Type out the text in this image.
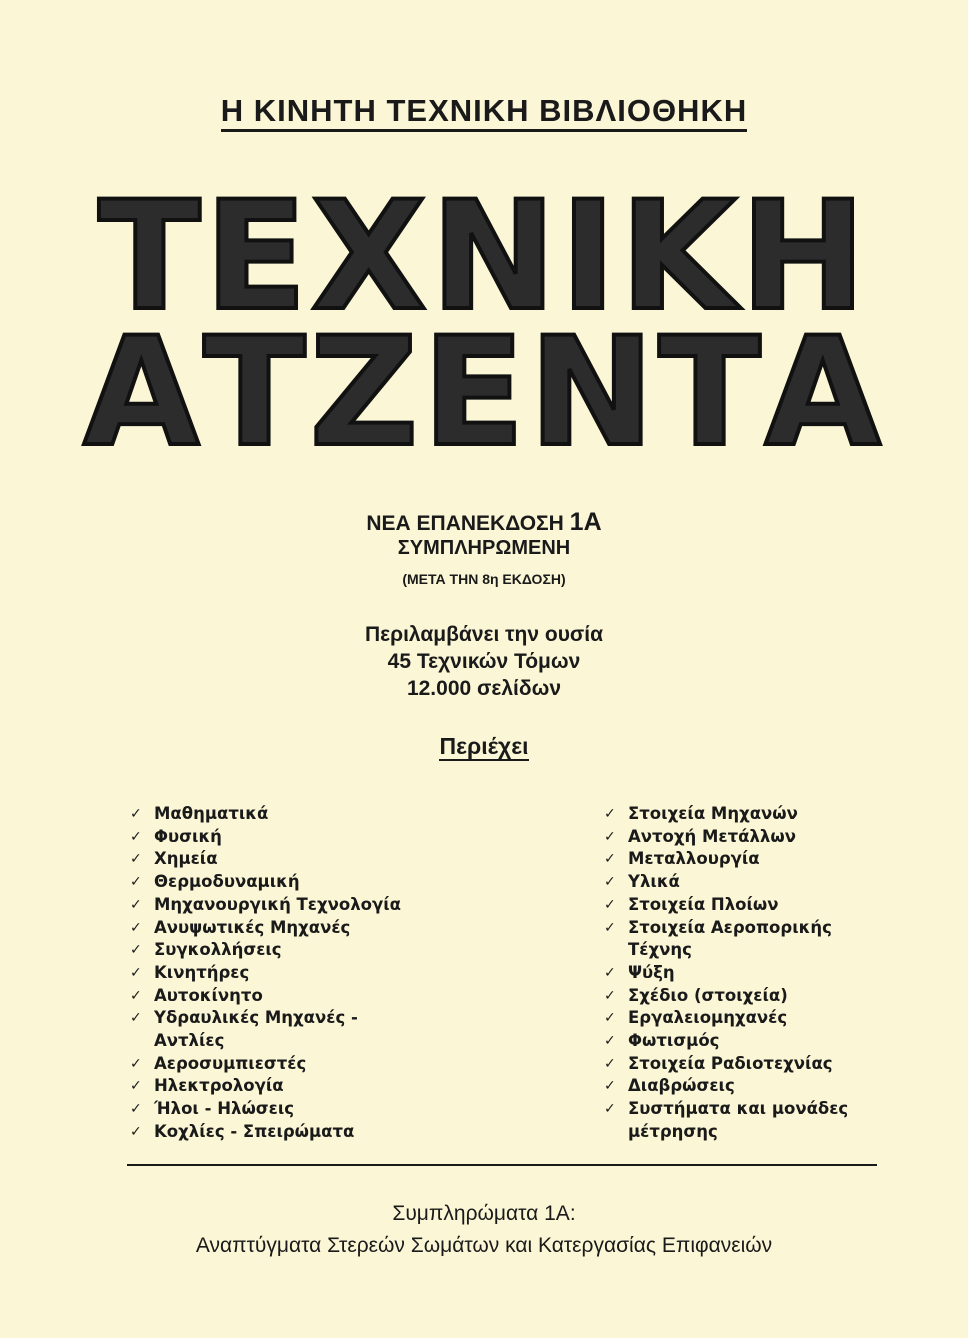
Η ΚΙΝΗΤΗ ΤΕΧΝΙΚΗ ΒΙΒΛΙΟΘΗΚΗ
ΤΕΧΝΙΚΗ
ΑΤΖΕΝΤΑ
ΝΕΑ ΕΠΑΝΕΚΔΟΣΗ 1A
ΣΥΜΠΛΗΡΩΜΕΝΗ
(ΜΕΤΑ ΤΗΝ 8η ΕΚΔΟΣΗ)
Περιλαμβάνει την ουσία
45 Τεχνικών Τόμων
12.000 σελίδων
Περιέχει
✓ Μαθηματικά
✓ Φυσική
✓ Χημεία
✓ Θερμοδυναμική
✓ Μηχανουργική Τεχνολογία
✓ Ανυψωτικές Μηχανές
✓ Συγκολλήσεις
✓ Κινητήρες
✓ Αυτοκίνητο
✓ Υδραυλικές Μηχανές -
Αντλίες
✓ Αεροσυμπιεστές
✓ Ηλεκτρολογία
✓ Ήλοι - Ηλώσεις
✓ Κοχλίες - Σπειρώματα
✓ Στοιχεία Μηχανών
✓ Αντοχή Μετάλλων
✓ Μεταλλουργία
✓ Υλικά
✓ Στοιχεία Πλοίων
✓ Στοιχεία Αεροπορικής
Τέχνης
✓ Ψύξη
✓ Σχέδιο (στοιχεία)
✓ Εργαλειομηχανές
✓ Φωτισμός
✓ Στοιχεία Ραδιοτεχνίας
✓ Διαβρώσεις
✓ Συστήματα και μονάδες
μέτρησης
Συμπληρώματα 1Α:
Αναπτύγματα Στερεών Σωμάτων και Κατεργασίας Επιφανειών
